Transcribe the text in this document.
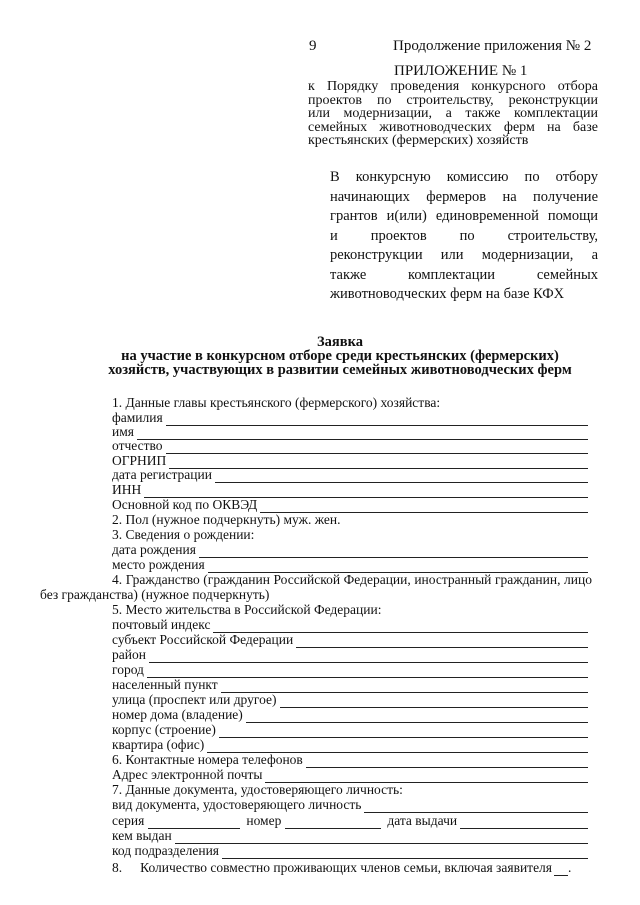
9	Продолжение приложения № 2
ПРИЛОЖЕНИЕ № 1
к Порядку проведения конкурсного отбора
проектов по строительству, реконструкции
или модернизации, а также комплектации
семейных животноводческих ферм на базе
крестьянских (фермерских) хозяйств
В конкурсную комиссию по отбору
начинающих фермеров на получение
грантов и(или) единовременной помощи
и проектов по строительству,
реконструкции или модернизации, а
также комплектации семейных
животноводческих ферм на базе КФХ
Заявка
на участие в конкурсном отборе среди крестьянских (фермерских)
хозяйств, участвующих в развитии семейных животноводческих ферм
1. Данные главы крестьянского (фермерского) хозяйства:
фамилия
имя
отчество
ОГРНИП
дата регистрации
ИНН
Основной код по ОКВЭД
2. Пол (нужное подчеркнуть) муж. жен.
3. Сведения о рождении:
дата рождения
место рождения
4. Гражданство (гражданин Российской Федерации, иностранный гражданин, лицо
без гражданства) (нужное подчеркнуть)
5. Место жительства в Российской Федерации:
почтовый индекс
субъект Российской Федерации
район
город
населенный пункт
улица (проспект или другое)
номер дома (владение)
корпус (строение)
квартира (офис)
6. Контактные номера телефонов
Адрес электронной почты
7. Данные документа, удостоверяющего личность:
вид документа, удостоверяющего личность
серия	номер	дата выдачи
кем выдан
код подразделения
8. Количество совместно проживающих членов семьи, включая заявителя .
